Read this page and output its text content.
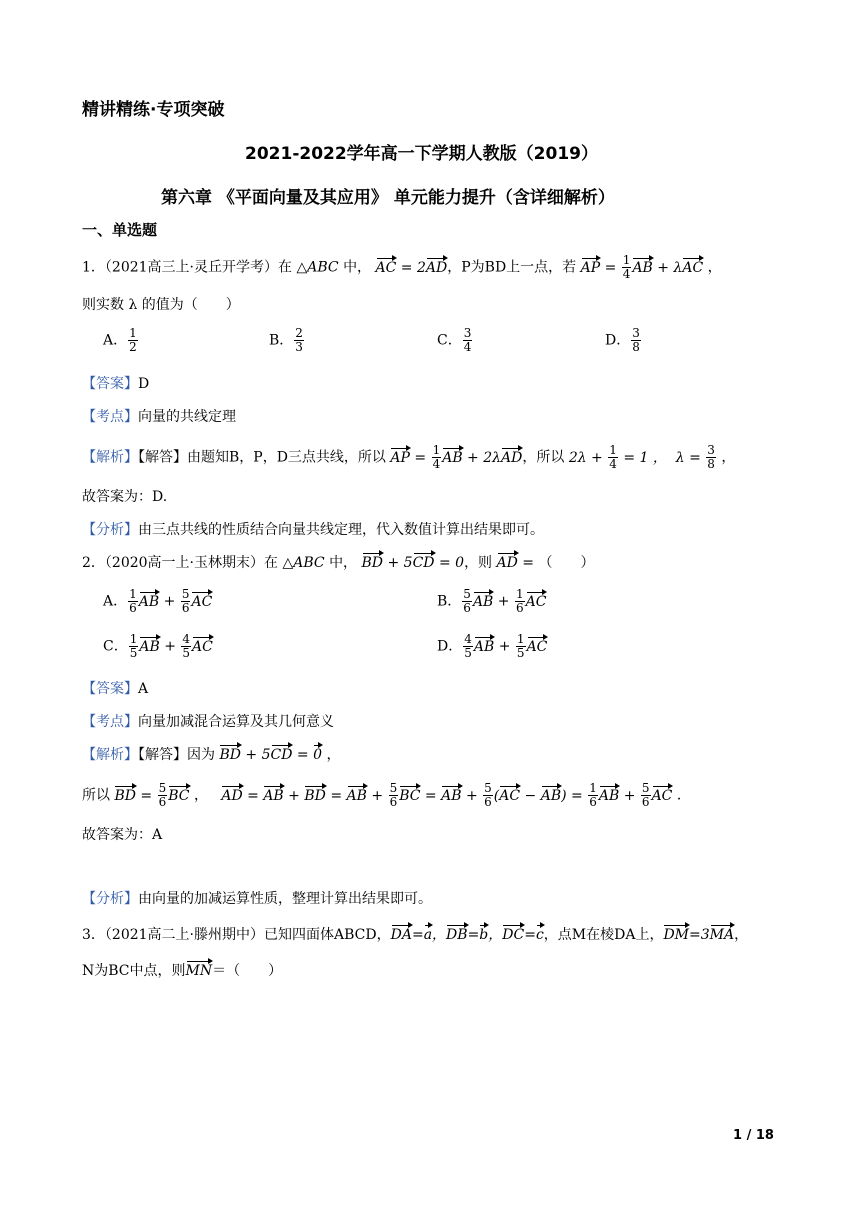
精讲精练·专项突破
2021-2022学年高一下学期人教版（2019）
第六章 《平面向量及其应用》 单元能力提升（含详细解析）
一、单选题
1．（2021高三上·灵丘开学考）在 △ABC 中， AC = 2AD，P为BD上一点，若 AP = $\frac{1}{4}$ AB + λAC ，
则实数 λ 的值为（　　）
A． $\frac{1}{2}$	B． $\frac{2}{3}$	C． $\frac{3}{4}$	D． $\frac{3}{8}$
【答案】D
【考点】向量的共线定理
【解析】【解答】由题知B，P，D三点共线，所以 AP = $\frac{1}{4}$ AB + 2λAD，所以 $2\lambda + \frac{1}{4} = 1$ ，  $\lambda = \frac{3}{8}$ ，
故答案为：D.
【分析】由三点共线的性质结合向量共线定理，代入数值计算出结果即可。
2．（2020高一上·玉林期末）在 △ABC 中， BD + 5CD = 0，则 AD = （　　）
A． $\frac{1}{6}$ AB + $\frac{5}{6}$ AC	B． $\frac{5}{6}$ AB + $\frac{1}{6}$ AC
C． $\frac{1}{5}$ AB + $\frac{4}{5}$ AC	D． $\frac{4}{5}$ AB + $\frac{1}{5}$ AC
【答案】A
【考点】向量加减混合运算及其几何意义
【解析】【解答】因为 BD + 5CD = 0 ，
所以 BD = $\frac{5}{6}$ BC ，   AD = AB + BD = AB + $\frac{5}{6}$ BC = AB + $\frac{5}{6} (AC - AB) = \frac{1}{6}$ AB + $\frac{5}{6}$ AC ．
故答案为：A
【分析】由向量的加减运算性质，整理计算出结果即可。
3．（2021高二上·滕州期中）已知四面体ABCD，DA=a，DB=b，DC=c，点M在棱DA上，DM=3MA，
N为BC中点，则MN＝（　　）
1 / 18
